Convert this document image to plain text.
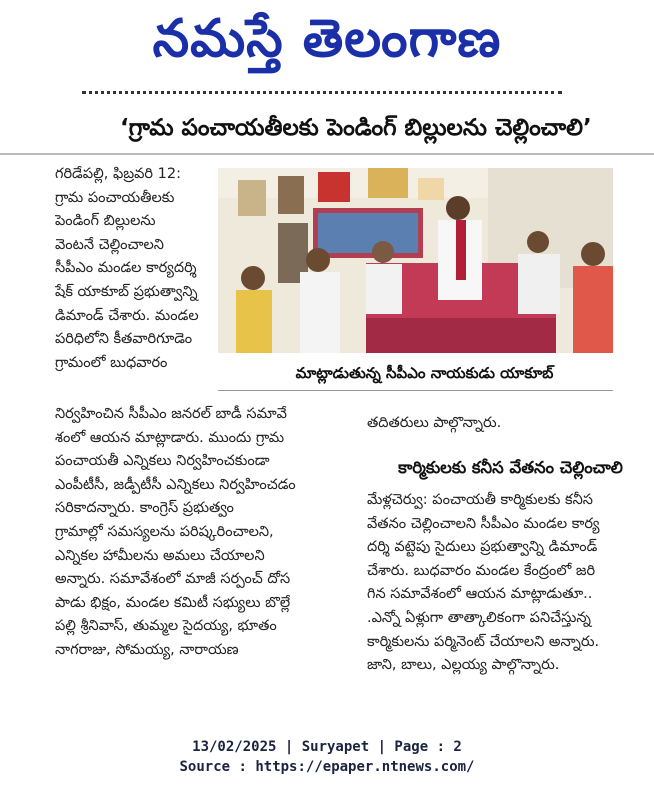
నమస్తే తెలంగాణ
‘గ్రామ పంచాయతీలకు పెండింగ్ బిల్లులను చెల్లించాలి’

గరిడేపల్లి, ఫిబ్రవరి 12:

గ్రామ పంచాయతీలకు

పెండింగ్ బిల్లులను

వెంటనే చెల్లించాలని

సీపీఎం మండల కార్యదర్శి

షేక్ యాకూబ్ ప్రభుత్వాన్ని

డిమాండ్ చేశారు. మండల

పరిధిలోని కీతవారిగూడెం

గ్రామంలో బుధవారం

మాట్లాడుతున్న సీపీఎం నాయకుడు యాకూబ్

నిర్వహించిన సీపీఎం జనరల్ బాడీ సమావే

శంలో ఆయన మాట్లాడారు. ముందు గ్రామ

పంచాయతీ ఎన్నికలు నిర్వహించకుండా

ఎంపీటీసీ, జడ్పీటీసీ ఎన్నికలు నిర్వహించడం

సరికాదన్నారు. కాంగ్రెస్ ప్రభుత్వం

గ్రామాల్లో సమస్యలను పరిష్కరించాలని,

ఎన్నికల హామీలను అమలు చేయాలని

అన్నారు. సమావేశంలో మాజీ సర్పంచ్ దోస

పాడు భిక్షం, మండల కమిటీ సభ్యులు బొల్లే

పల్లి శ్రీనివాస్, తుమ్మల సైదయ్య, భూతం

నాగరాజు, సోమయ్య, నారాయణ

తదితరులు పాల్గొన్నారు.

కార్మికులకు కనీస వేతనం చెల్లించాలి

మేళ్లచెర్వు: పంచాయతీ కార్మికులకు కనీస

వేతనం చెల్లించాలని సీపీఎం మండల కార్య

దర్శి వట్టెపు సైదులు ప్రభుత్వాన్ని డిమాండ్

చేశారు. బుధవారం మండల కేంద్రంలో జరి

గిన సమావేశంలో ఆయన మాట్లాడుతూ..

.ఎన్నో ఏళ్లుగా తాత్కాలికంగా పనిచేస్తున్న

కార్మికులను పర్మినెంట్ చేయాలని అన్నారు.

జాని, బాలు, ఎల్లయ్య పాల్గొన్నారు.

13/02/2025 | Suryapet | Page : 2
Source : https://epaper.ntnews.com/
